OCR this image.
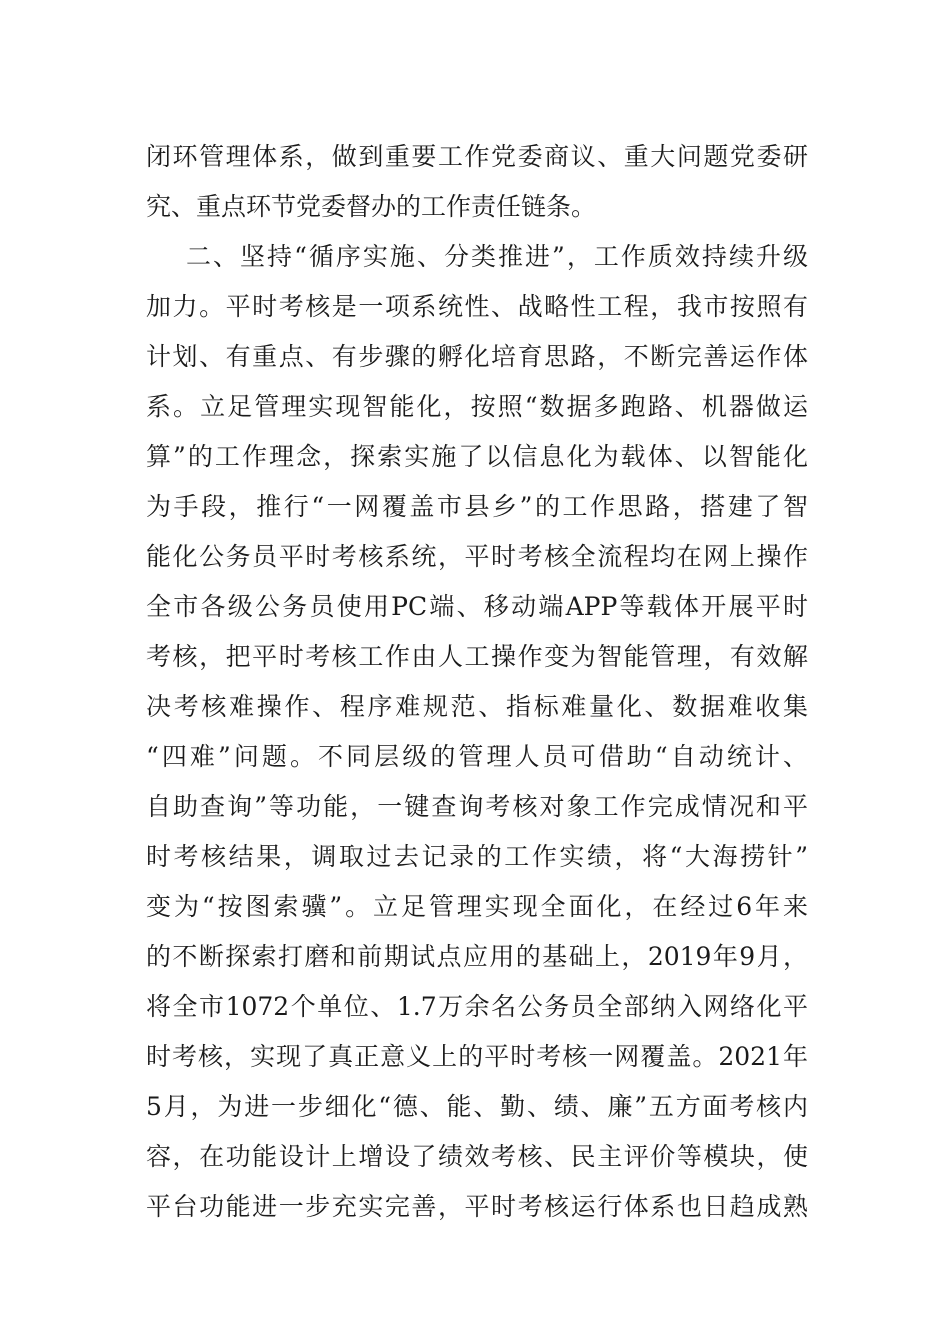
闭环管理体系，做到重要工作党委商议、重大问题党委研
究、重点环节党委督办的工作责任链条。
二、坚持“循序实施、分类推进”，工作质效持续升级
加力。平时考核是一项系统性、战略性工程，我市按照有
计划、有重点、有步骤的孵化培育思路，不断完善运作体
系。立足管理实现智能化，按照“数据多跑路、机器做运
算”的工作理念，探索实施了以信息化为载体、以智能化
为手段，推行“一网覆盖市县乡”的工作思路，搭建了智
能化公务员平时考核系统，平时考核全流程均在网上操作
全市各级公务员使用PC端、移动端APP等载体开展平时
考核，把平时考核工作由人工操作变为智能管理，有效解
决考核难操作、程序难规范、指标难量化、数据难收集
“四难”问题。不同层级的管理人员可借助“自动统计、
自助查询”等功能，一键查询考核对象工作完成情况和平
时考核结果，调取过去记录的工作实绩，将“大海捞针”
变为“按图索骥”。立足管理实现全面化，在经过6年来
的不断探索打磨和前期试点应用的基础上，2019年9月，
将全市1072个单位、1.7万余名公务员全部纳入网络化平
时考核，实现了真正意义上的平时考核一网覆盖。2021年
5月，为进一步细化“德、能、勤、绩、廉”五方面考核内
容，在功能设计上增设了绩效考核、民主评价等模块，使
平台功能进一步充实完善，平时考核运行体系也日趋成熟
